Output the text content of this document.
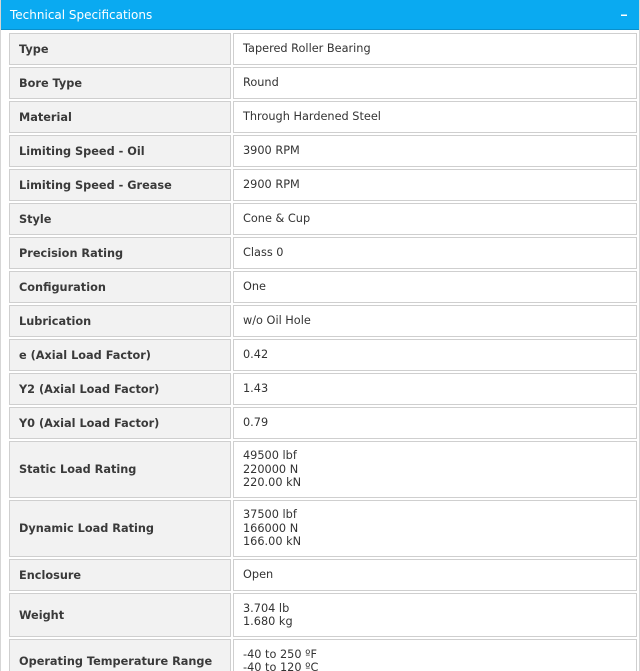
Technical Specifications
Type	Tapered Roller Bearing

Bore Type	Round

Material	Through Hardened Steel

Limiting Speed - Oil	3900 RPM

Limiting Speed - Grease	2900 RPM

Style	Cone & Cup

Precision Rating	Class 0

Configuration	One

Lubrication	w/o Oil Hole

e (Axial Load Factor)	0.42

Y2 (Axial Load Factor)	1.43

Y0 (Axial Load Factor)	0.79

Static Load Rating	49500 lbf
220000 N
220.00 kN

Dynamic Load Rating	37500 lbf
166000 N
166.00 kN

Enclosure	Open

Weight	3.704 lb
1.680 kg

Operating Temperature Range	-40 to 250 ºF
-40 to 120 ºC
